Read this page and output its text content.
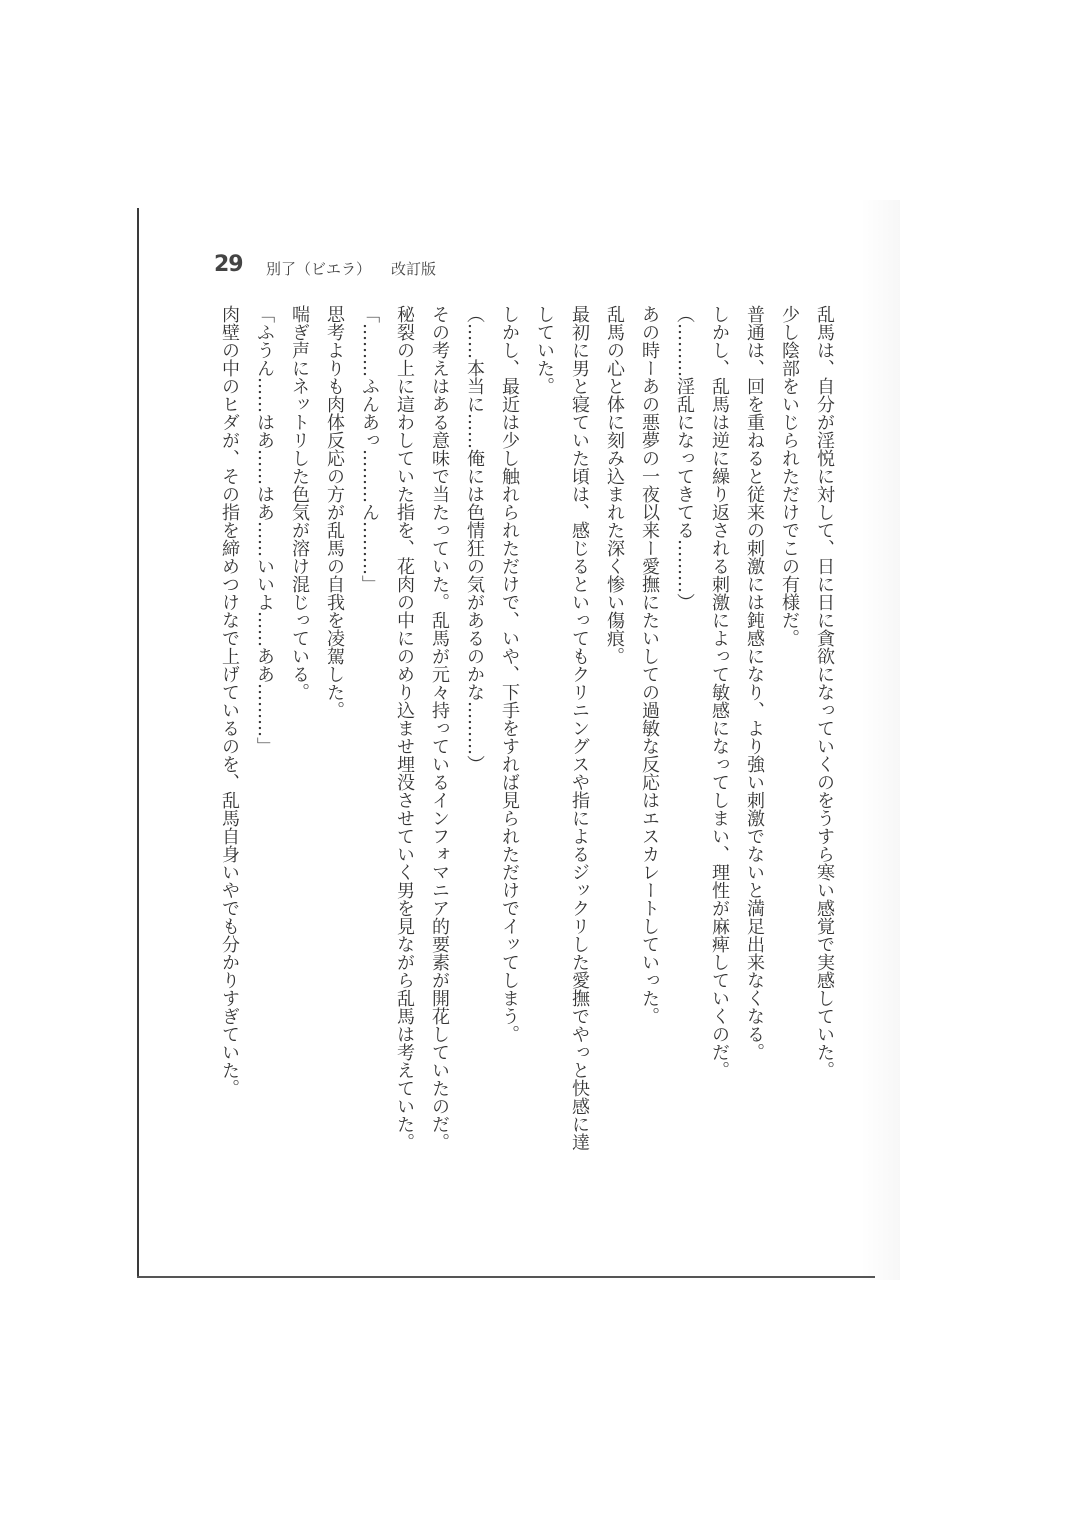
29 別了（ビエラ） 改訂版
乱馬は、自分が淫悦に対して、日に日に貪欲になっていくのをうすら寒い感覚で実感していた。
少し陰部をいじられただけでこの有様だ。
普通は、回を重ねると従来の刺激には鈍感になり、より強い刺激でないと満足出来なくなる。
しかし、乱馬は逆に繰り返される刺激によって敏感になってしまい、理性が麻痺していくのだ。
（………淫乱になってきてる………）
あの時ーあの悪夢の一夜以来ー愛撫にたいしての過敏な反応はエスカレートしていった。
乱馬の心と体に刻み込まれた深く惨い傷痕。
最初に男と寝ていた頃は、感じるといってもクリニングスや指によるジックリした愛撫でやっと快感に達
していた。
しかし、最近は少し触れられただけで、いや、下手をすれば見られただけでイッてしまう。
（……本当に……俺には色情狂の気があるのかな………）
その考えはある意味で当たっていた。乱馬が元々持っているインフォマニア的要素が開花していたのだ。
秘裂の上に這わしていた指を、花肉の中にのめり込ませ埋没させていく男を見ながら乱馬は考えていた。
「………ふんあっ………ん………」
思考よりも肉体反応の方が乱馬の自我を凌駕した。
喘ぎ声にネットリした色気が溶け混じっている。
「ふうん……はあ……はあ……いいよ……ああ………」
肉壁の中のヒダが、その指を締めつけなで上げているのを、乱馬自身いやでも分かりすぎていた。
